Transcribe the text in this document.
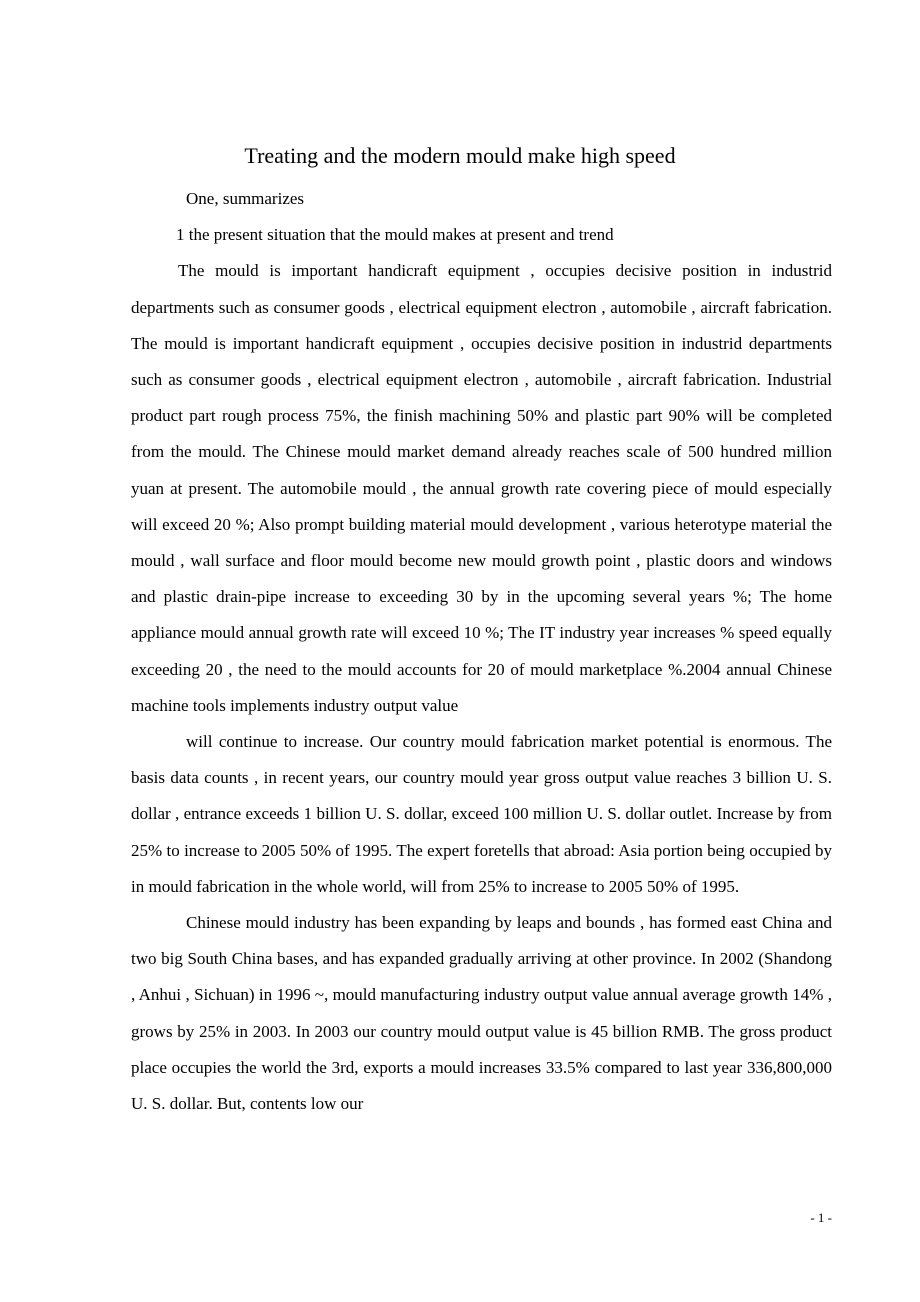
Treating and the modern mould make high speed

One, summarizes

1 the present situation that the mould makes at present and trend

The mould is important handicraft equipment , occupies decisive position in industrid departments such as consumer goods , electrical equipment electron , automobile , aircraft fabrication. The mould is important handicraft equipment , occupies decisive position in industrid departments such as consumer goods , electrical equipment electron , automobile , aircraft fabrication. Industrial product part rough process 75%, the finish machining 50% and plastic part 90% will be completed from the mould. The Chinese mould market demand already reaches scale of 500 hundred million yuan at present. The automobile mould , the annual growth rate covering piece of mould especially will exceed 20 %; Also prompt building material mould development , various heterotype material the mould , wall surface and floor mould become new mould growth point , plastic doors and windows and plastic drain-pipe increase to exceeding 30 by in the upcoming several years %; The home appliance mould annual growth rate will exceed 10 %; The IT industry year increases % speed equally exceeding 20 , the need to the mould accounts for 20 of mould marketplace %.2004 annual Chinese machine tools implements industry output value

will continue to increase. Our country mould fabrication market potential is enormous. The basis data counts , in recent years, our country mould year gross output value reaches 3 billion U. S. dollar , entrance exceeds 1 billion U. S. dollar, exceed 100 million U. S. dollar outlet. Increase by from 25% to increase to 2005 50% of 1995. The expert foretells that abroad: Asia portion being occupied by in mould fabrication in the whole world, will from 25% to increase to 2005 50% of 1995.

Chinese mould industry has been expanding by leaps and bounds , has formed east China and two big South China bases, and has expanded gradually arriving at other province. In 2002 (Shandong , Anhui , Sichuan) in 1996 ~, mould manufacturing industry output value annual average growth 14% , grows by 25% in 2003. In 2003 our country mould output value is 45 billion RMB. The gross product place occupies the world the 3rd, exports a mould increases 33.5% compared to last year 336,800,000 U. S. dollar. But, contents low our

- 1 -
